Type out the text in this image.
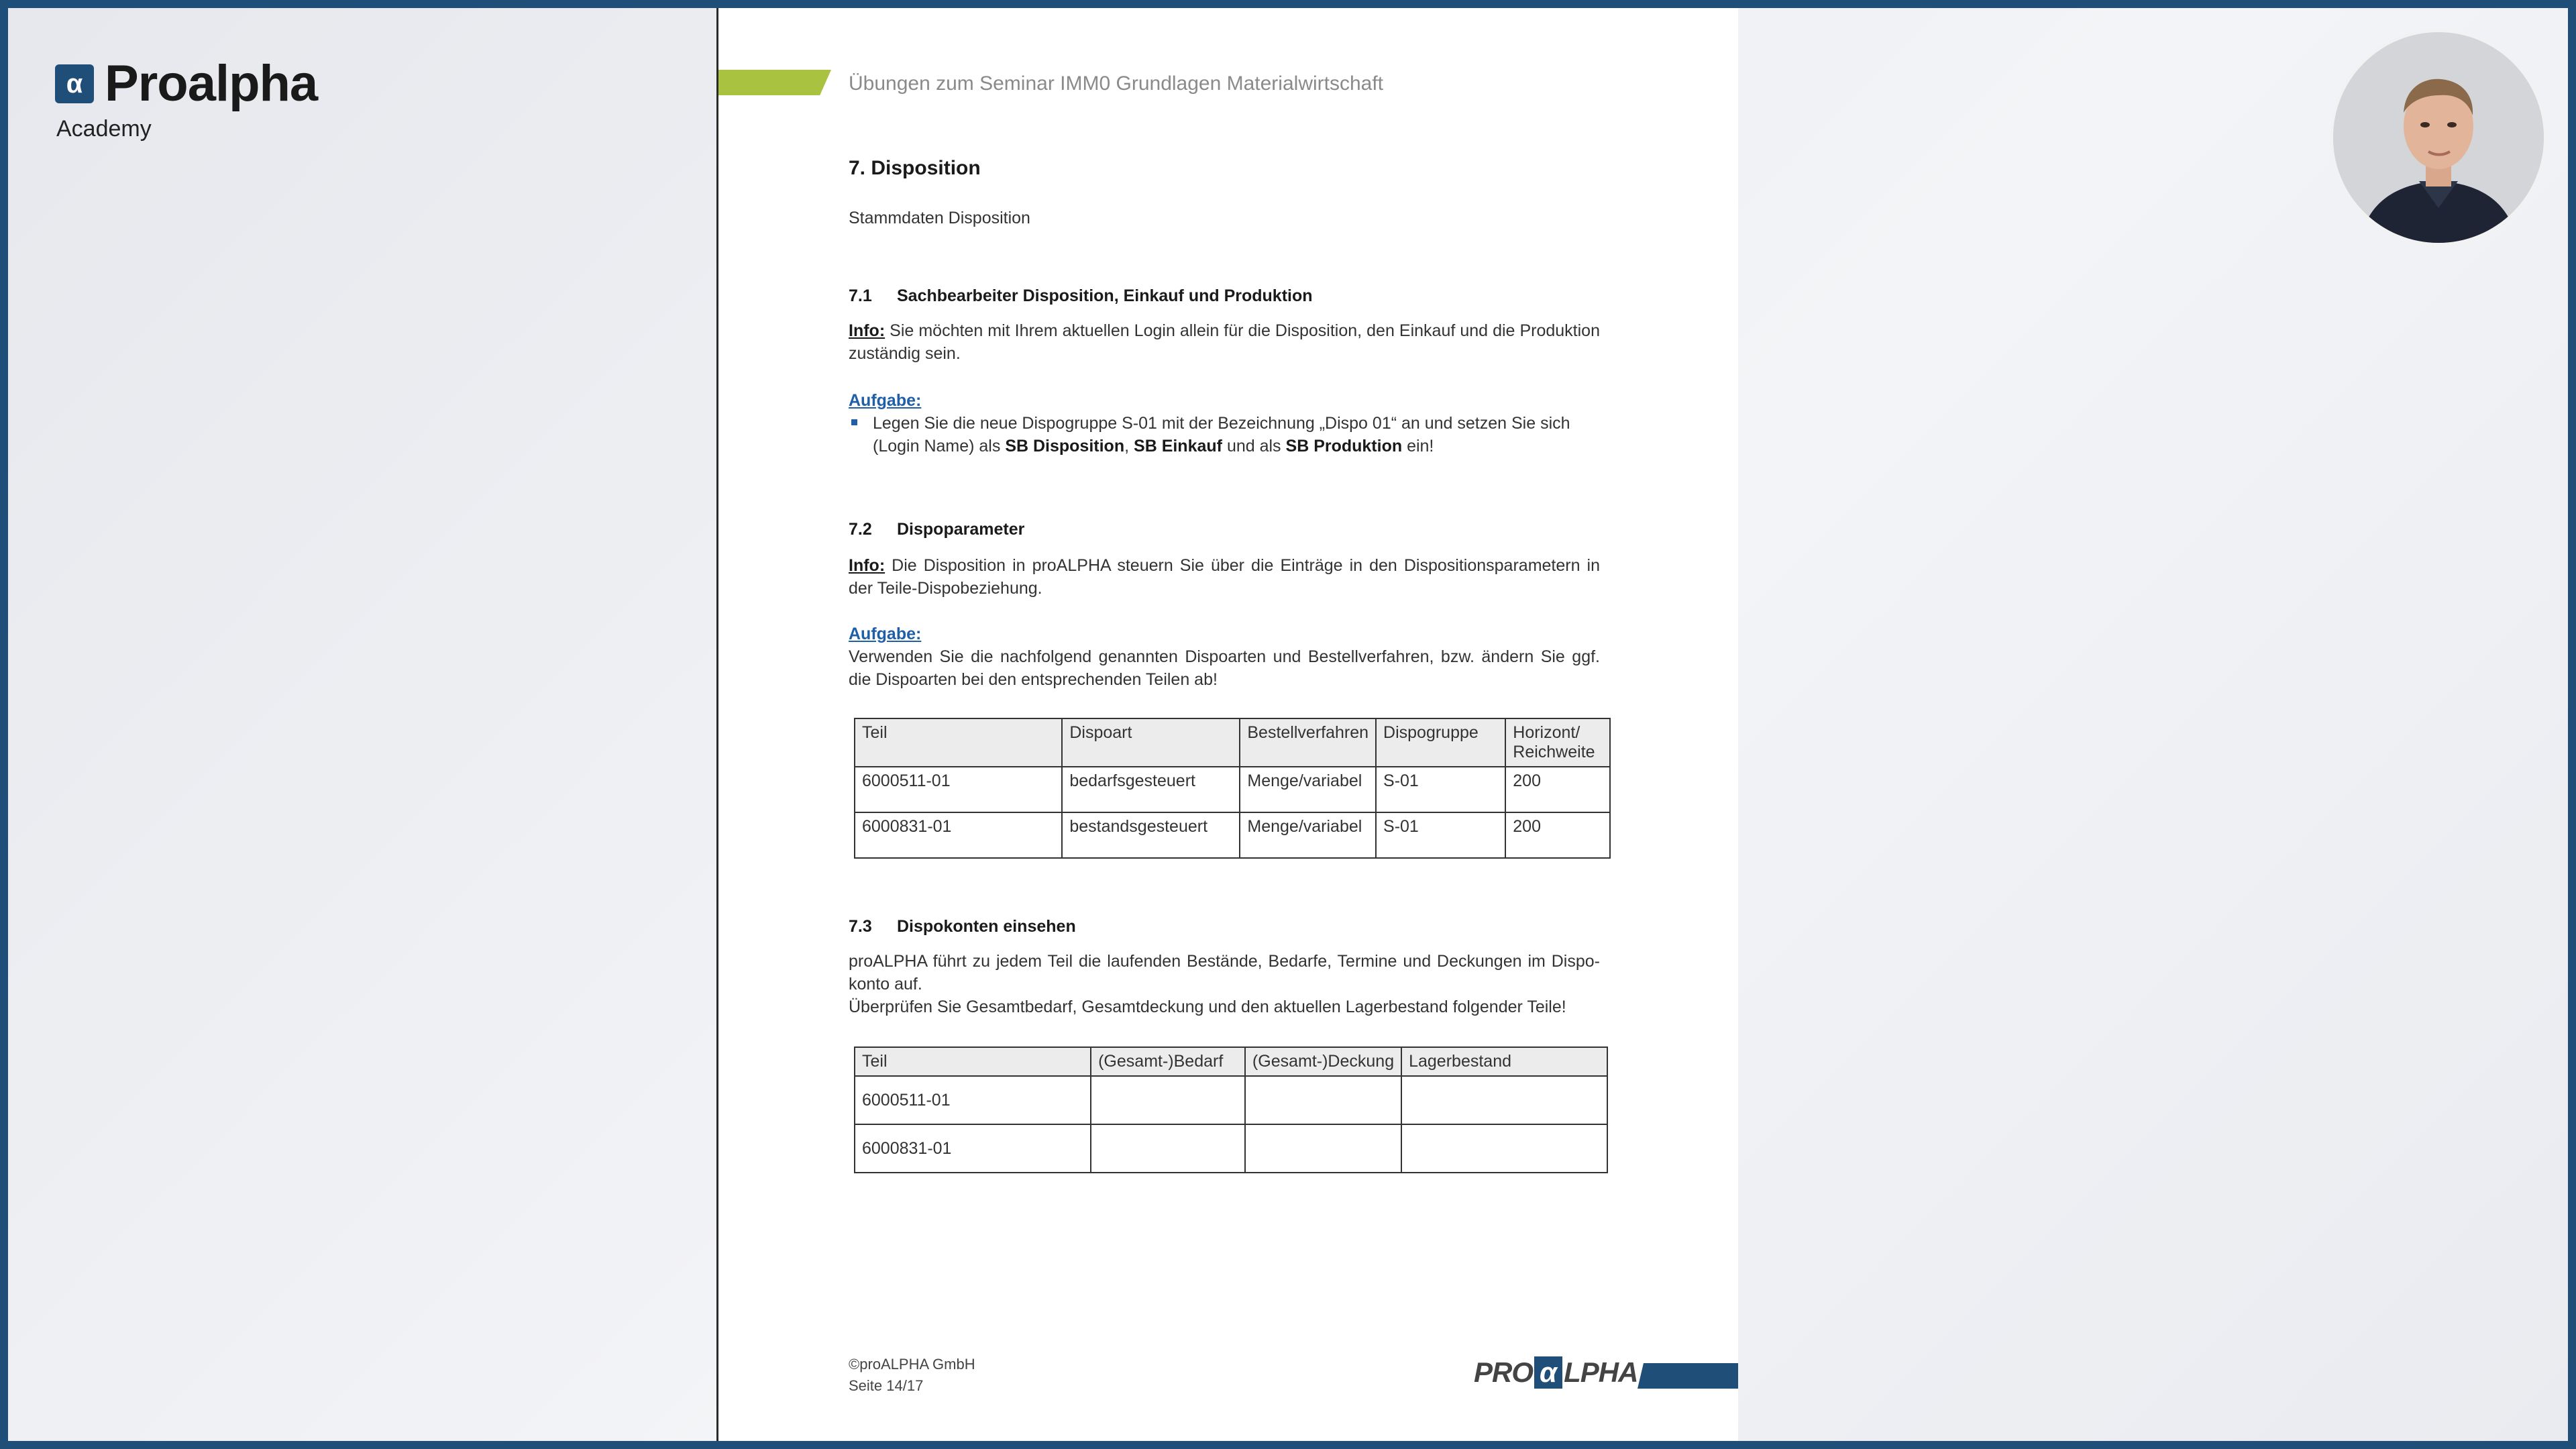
α Proalpha
Academy
Übungen zum Seminar IMM0 Grundlagen Materialwirtschaft
7. Disposition
Stammdaten Disposition
7.1 Sachbearbeiter Disposition, Einkauf und Produktion
Info: Sie möchten mit Ihrem aktuellen Login allein für die Disposition, den Einkauf und die Produktion zuständig sein.
Aufgabe:
Legen Sie die neue Dispogruppe S-01 mit der Bezeichnung „Dispo 01“ an und setzen Sie sich (Login Name) als SB Disposition, SB Einkauf und als SB Produktion ein!
7.2 Dispoparameter
Info: Die Disposition in proALPHA steuern Sie über die Einträge in den Dispositionsparametern in der Teile-Dispobeziehung.
Aufgabe:
Verwenden Sie die nachfolgend genannten Dispoarten und Bestellverfahren, bzw. ändern Sie ggf. die Dispoarten bei den entsprechenden Teilen ab!
Teil	Dispoart	Bestellverfahren	Dispogruppe	Horizont/ Reichweite
6000511-01	bedarfsgesteuert	Menge/variabel	S-01	200
6000831-01	bestandsgesteuert	Menge/variabel	S-01	200
7.3 Dispokonten einsehen
proALPHA führt zu jedem Teil die laufenden Bestände, Bedarfe, Termine und Deckungen im Dispo-konto auf.
Überprüfen Sie Gesamtbedarf, Gesamtdeckung und den aktuellen Lagerbestand folgender Teile!
Teil	(Gesamt-)Bedarf	(Gesamt-)Deckung	Lagerbestand
6000511-01			
6000831-01			
©proALPHA GmbH
Seite 14/17	PRO α LPHA
